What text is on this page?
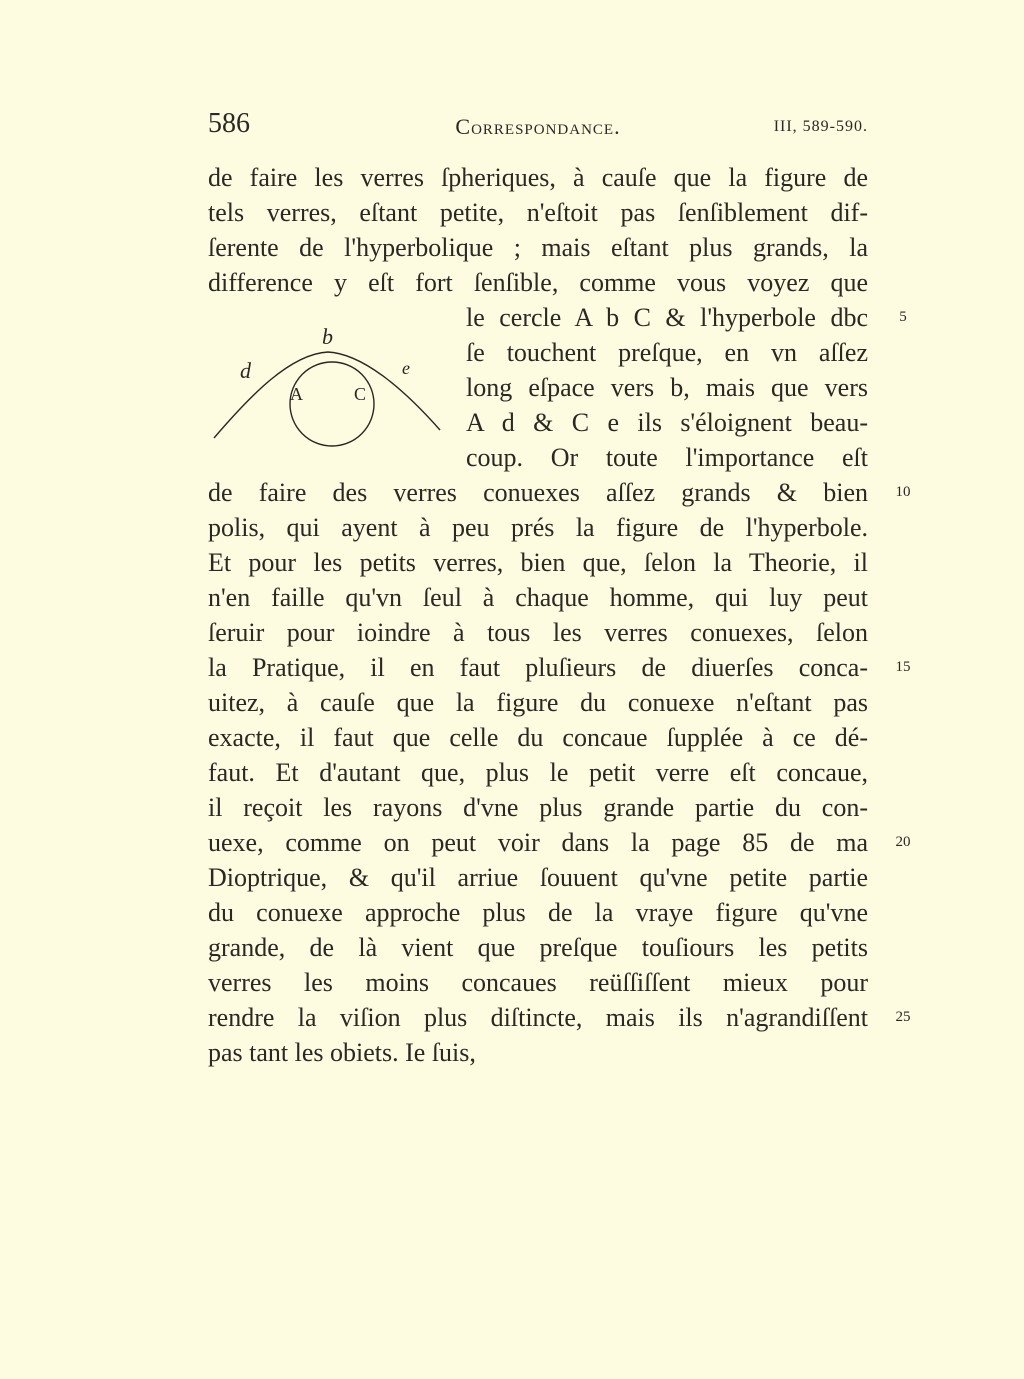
586	Correspondance.	III, 589-590.
de faire les verres ſpheriques, à cauſe que la figure de
tels verres, eſtant petite, n'eſtoit pas ſenſiblement dif-
ſerente de l'hyperbolique ; mais eſtant plus grands, la
difference y eſt fort ſenſible, comme vous voyez que
le cercle A b C & l'hyperbole dbc
ſe touchent preſque, en vn aſſez
long eſpace vers b, mais que vers
A d & C e ils s'éloignent beau-
coup. Or toute l'importance eſt
de faire des verres conuexes aſſez grands & bien
polis, qui ayent à peu prés la figure de l'hyperbole.
Et pour les petits verres, bien que, ſelon la Theorie, il
n'en faille qu'vn ſeul à chaque homme, qui luy peut
ſeruir pour ioindre à tous les verres conuexes, ſelon
la Pratique, il en faut pluſieurs de diuerſes conca-
uitez, à cauſe que la figure du conuexe n'eſtant pas
exacte, il faut que celle du concaue ſupplée à ce dé-
faut. Et d'autant que, plus le petit verre eſt concaue,
il reçoit les rayons d'vne plus grande partie du con-
uexe, comme on peut voir dans la page 85 de ma
Dioptrique, & qu'il arriue ſouuent qu'vne petite partie
du conuexe approche plus de la vraye figure qu'vne
grande, de là vient que preſque touſiours les petits
verres les moins concaues reüſſiſſent mieux pour
rendre la viſion plus diſtincte, mais ils n'agrandiſſent
pas tant les obiets. Ie ſuis,
5
10
15
20
25
b
d	e
A	C
